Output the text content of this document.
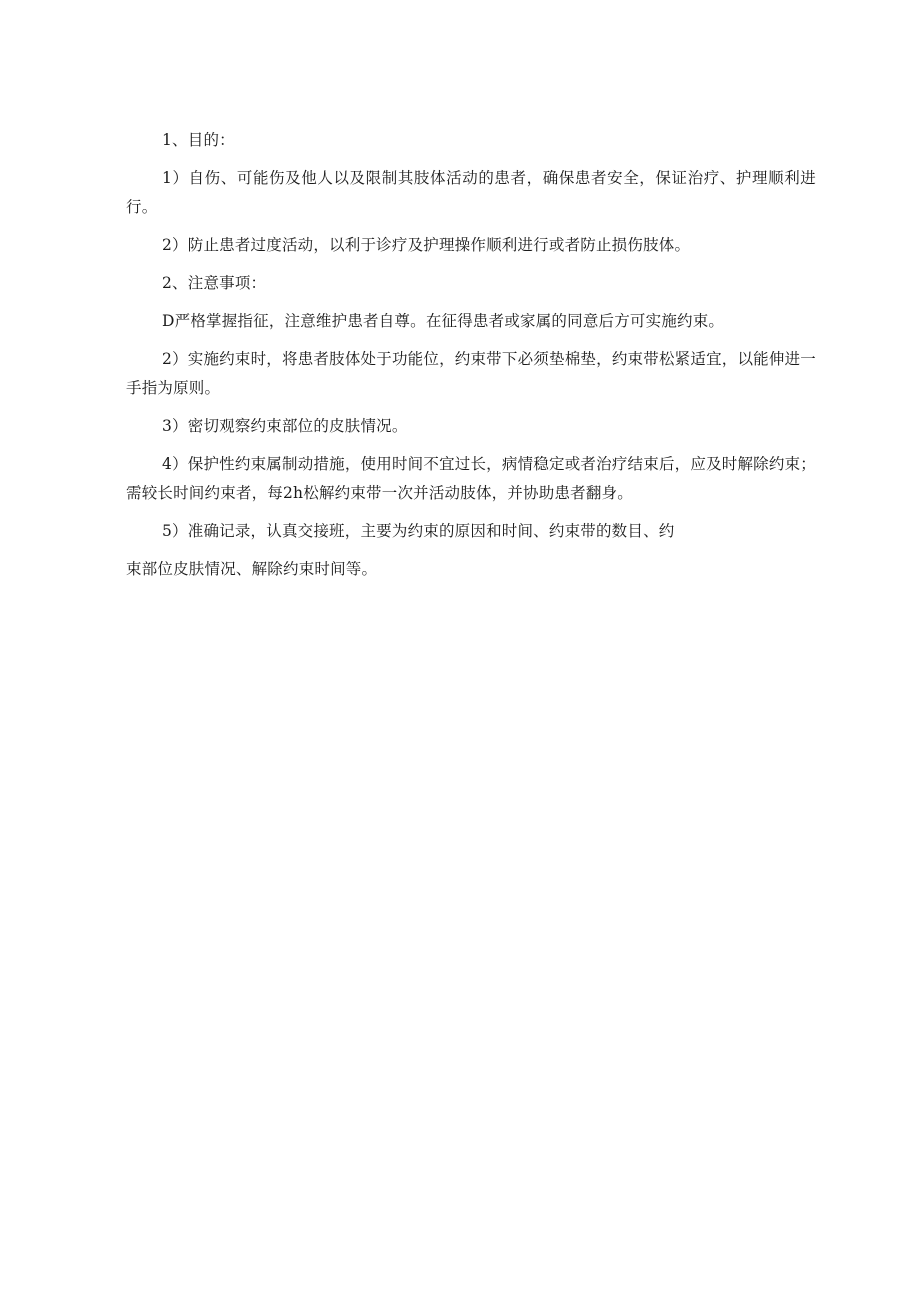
1、目的：

1）自伤、可能伤及他人以及限制其肢体活动的患者，确保患者安全，保证治疗、护理顺利进行。

2）防止患者过度活动，以利于诊疗及护理操作顺利进行或者防止损伤肢体。

2、注意事项：

D严格掌握指征，注意维护患者自尊。在征得患者或家属的同意后方可实施约束。

2）实施约束时，将患者肢体处于功能位，约束带下必须垫棉垫，约束带松紧适宜，以能伸进一手指为原则。

3）密切观察约束部位的皮肤情况。

4）保护性约束属制动措施，使用时间不宜过长，病情稳定或者治疗结束后，应及时解除约束；需较长时间约束者，每2h松解约束带一次并活动肢体，并协助患者翻身。

5）准确记录，认真交接班，主要为约束的原因和时间、约束带的数目、约

束部位皮肤情况、解除约束时间等。
